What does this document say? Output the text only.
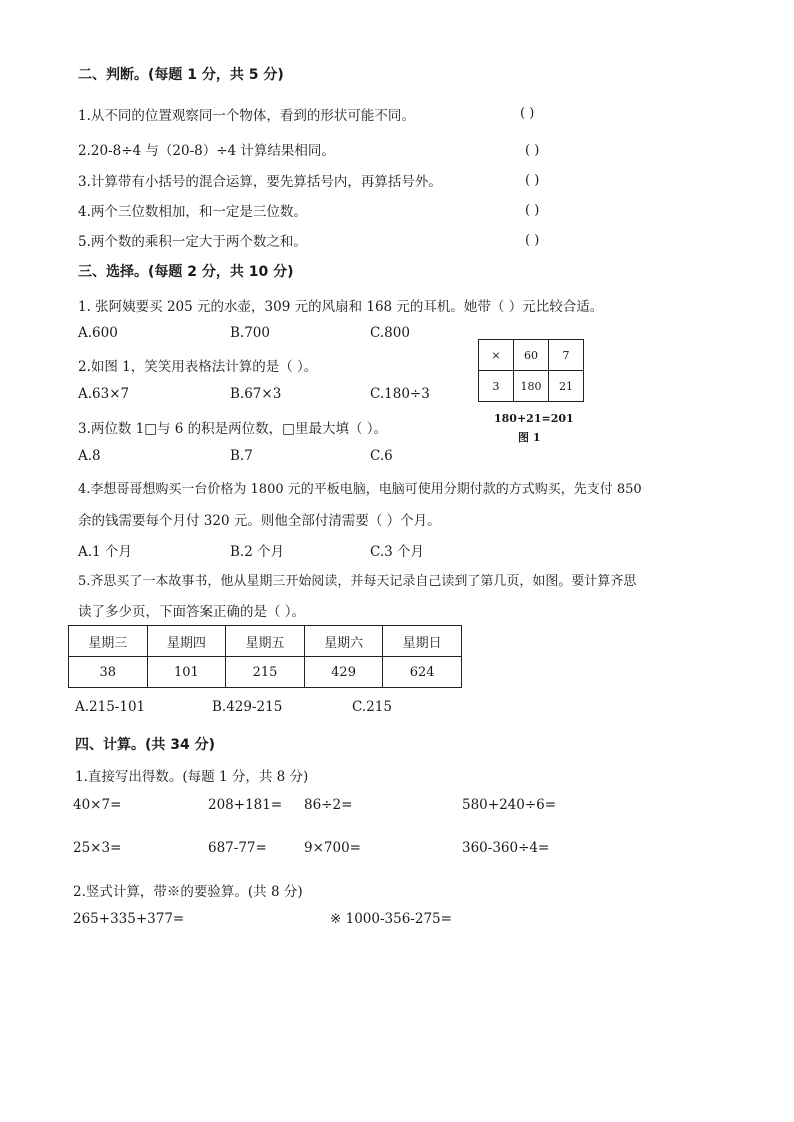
二、判断。(每题 1 分，共 5 分)
1.从不同的位置观察同一个物体，看到的形状可能不同。	( )
2.20-8÷4 与（20-8）÷4 计算结果相同。	( )
3.计算带有小括号的混合运算，要先算括号内，再算括号外。	( )
4.两个三位数相加，和一定是三位数。	( )
5.两个数的乘积一定大于两个数之和。	( )
三、选择。(每题 2 分，共 10 分)
1. 张阿姨要买 205 元的水壶，309 元的风扇和 168 元的耳机。她带（ ）元比较合适。
A.600	B.700	C.800
2.如图 1，笑笑用表格法计算的是（ ）。
A.63×7	B.67×3	C.180÷3
×	60	7
3	180	21
180+21=201
图 1
3.两位数 1□与 6 的积是两位数，□里最大填（ ）。
A.8	B.7	C.6
4.李想哥哥想购买一台价格为 1800 元的平板电脑，电脑可使用分期付款的方式购买，先支付 850
余的钱需要每个月付 320 元。则他全部付清需要（ ）个月。
A.1 个月	B.2 个月	C.3 个月
5.齐思买了一本故事书，他从星期三开始阅读，并每天记录自己读到了第几页，如图。要计算齐思
读了多少页，下面答案正确的是（ ）。
星期三	星期四	星期五	星期六	星期日
38	101	215	429	624
A.215-101	B.429-215	C.215
四、计算。(共 34 分)
1.直接写出得数。(每题 1 分，共 8 分)
40×7=	208+181= 86÷2=	580+240÷6=
25×3=	687-77=	9×700=	360-360÷4=
2.竖式计算，带※的要验算。(共 8 分)
265+335+377=	※ 1000-356-275=
